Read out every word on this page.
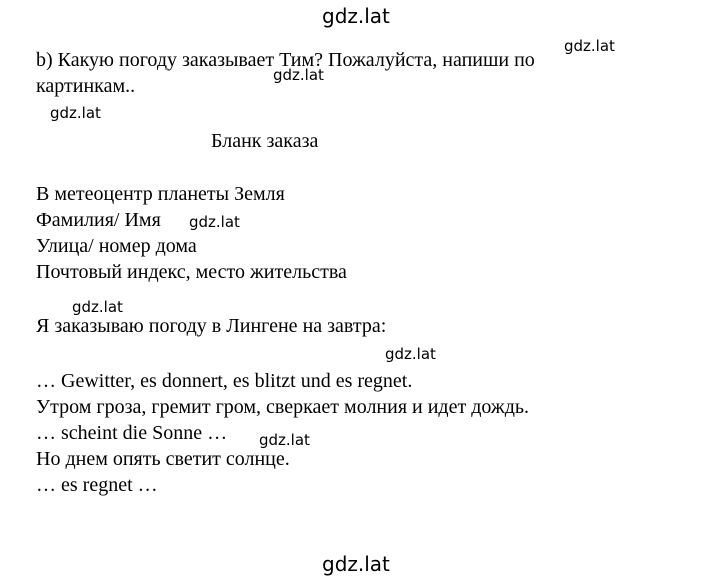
b) Какую погоду заказывает Тим? Пожалуйста, напиши по
картинкам..
Бланк заказа
В метеоцентр планеты Земля
Фамилия/ Имя
Улица/ номер дома
Почтовый индекс, место жительства
Я заказываю погоду в Лингене на завтра:
… Gewitter, es donnert, es blitzt und es regnet.
Утром гроза, гремит гром, сверкает молния и идет дождь.
… scheint die Sonne …
Но днем опять светит солнце.
… es regnet …
gdz.lat
gdz.lat
gdz.lat
gdz.lat
gdz.lat
gdz.lat
gdz.lat
gdz.lat
gdz.lat
